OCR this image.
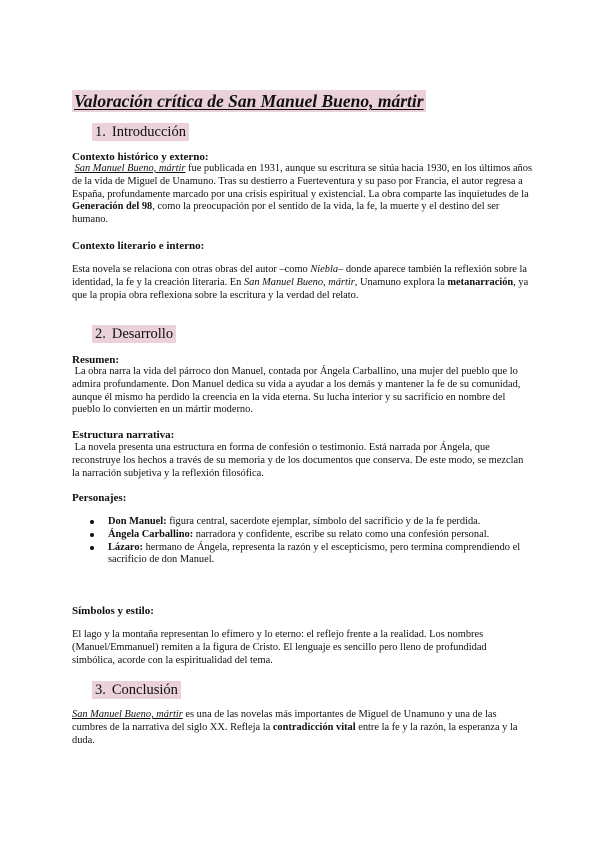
Valoración crítica de San Manuel Bueno, mártir
1. Introducción
Contexto histórico y externo:
San Manuel Bueno, mártir fue publicada en 1931, aunque su escritura se sitúa hacia 1930, en los últimos años de la vida de Miguel de Unamuno. Tras su destierro a Fuerteventura y su paso por Francia, el autor regresa a España, profundamente marcado por una crisis espiritual y existencial. La obra comparte las inquietudes de la Generación del 98, como la preocupación por el sentido de la vida, la fe, la muerte y el destino del ser humano.
Contexto literario e interno:
Esta novela se relaciona con otras obras del autor –como Niebla– donde aparece también la reflexión sobre la identidad, la fe y la creación literaria. En San Manuel Bueno, mártir, Unamuno explora la metanarración, ya que la propia obra reflexiona sobre la escritura y la verdad del relato.
2. Desarrollo
Resumen:
La obra narra la vida del párroco don Manuel, contada por Ángela Carballino, una mujer del pueblo que lo admira profundamente. Don Manuel dedica su vida a ayudar a los demás y mantener la fe de su comunidad, aunque él mismo ha perdido la creencia en la vida eterna. Su lucha interior y su sacrificio en nombre del pueblo lo convierten en un mártir moderno.
Estructura narrativa:
La novela presenta una estructura en forma de confesión o testimonio. Está narrada por Ángela, que reconstruye los hechos a través de su memoria y de los documentos que conserva. De este modo, se mezclan la narración subjetiva y la reflexión filosófica.
Personajes:
Don Manuel: figura central, sacerdote ejemplar, símbolo del sacrificio y de la fe perdida.
Ángela Carballino: narradora y confidente, escribe su relato como una confesión personal.
Lázaro: hermano de Ángela, representa la razón y el escepticismo, pero termina comprendiendo el sacrificio de don Manuel.
Símbolos y estilo:
El lago y la montaña representan lo efímero y lo eterno: el reflejo frente a la realidad. Los nombres (Manuel/Emmanuel) remiten a la figura de Cristo. El lenguaje es sencillo pero lleno de profundidad simbólica, acorde con la espiritualidad del tema.
3. Conclusión
San Manuel Bueno, mártir es una de las novelas más importantes de Miguel de Unamuno y una de las cumbres de la narrativa del siglo XX. Refleja la contradicción vital entre la fe y la razón, la esperanza y la duda.
